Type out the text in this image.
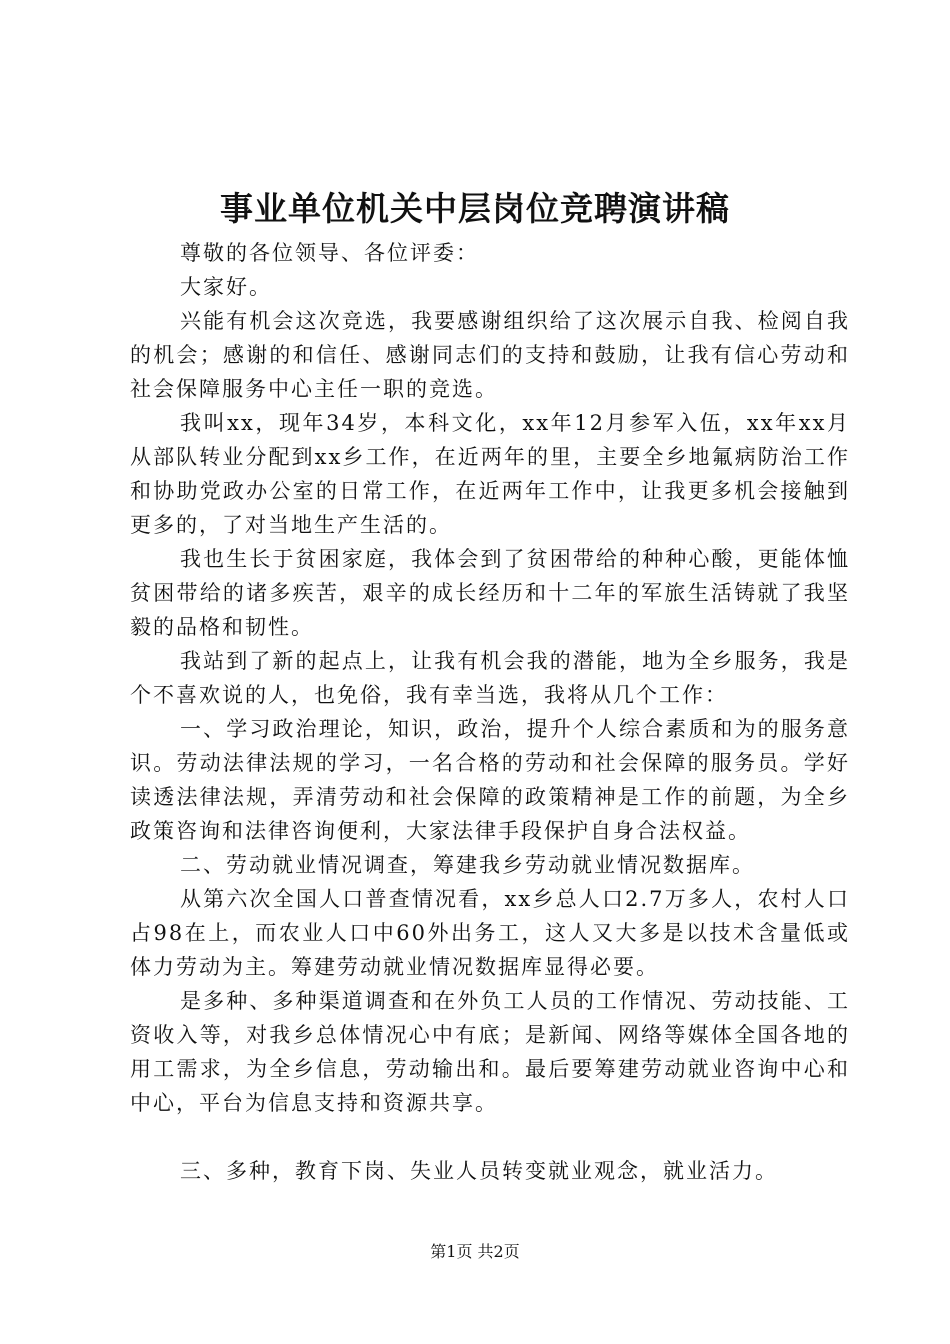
事业单位机关中层岗位竞聘演讲稿

尊敬的各位领导、各位评委：

大家好。

兴能有机会这次竞选，我要感谢组织给了这次展示自我、检阅自我的机会；感谢的和信任、感谢同志们的支持和鼓励，让我有信心劳动和社会保障服务中心主任一职的竞选。

我叫xx，现年34岁，本科文化，xx年12月参军入伍，xx年xx月从部队转业分配到xx乡工作，在近两年的里，主要全乡地氟病防治工作和协助党政办公室的日常工作，在近两年工作中，让我更多机会接触到更多的，了对当地生产生活的。

我也生长于贫困家庭，我体会到了贫困带给的种种心酸，更能体恤贫困带给的诸多疾苦，艰辛的成长经历和十二年的军旅生活铸就了我坚毅的品格和韧性。

我站到了新的起点上，让我有机会我的潜能，地为全乡服务，我是个不喜欢说的人，也免俗，我有幸当选，我将从几个工作：

一、学习政治理论，知识，政治，提升个人综合素质和为的服务意识。劳动法律法规的学习，一名合格的劳动和社会保障的服务员。学好读透法律法规，弄清劳动和社会保障的政策精神是工作的前题，为全乡政策咨询和法律咨询便利，大家法律手段保护自身合法权益。

二、劳动就业情况调查，筹建我乡劳动就业情况数据库。

从第六次全国人口普查情况看，xx乡总人口2.7万多人，农村人口占98在上，而农业人口中60外出务工，这人又大多是以技术含量低或体力劳动为主。筹建劳动就业情况数据库显得必要。

是多种、多种渠道调查和在外负工人员的工作情况、劳动技能、工资收入等，对我乡总体情况心中有底；是新闻、网络等媒体全国各地的用工需求，为全乡信息，劳动输出和。最后要筹建劳动就业咨询中心和中心，平台为信息支持和资源共享。

三、多种，教育下岗、失业人员转变就业观念，就业活力。

第1页 共2页
